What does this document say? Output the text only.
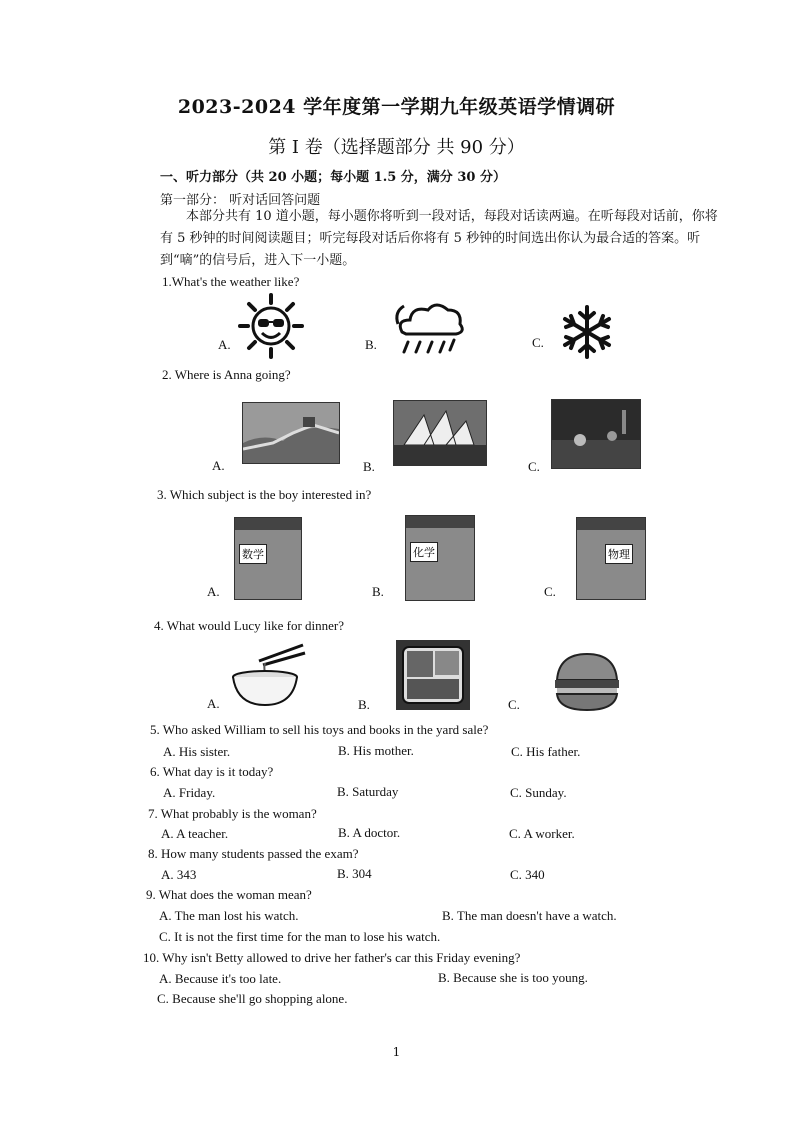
2023-2024 学年度第一学期九年级英语学情调研
第 I 卷（选择题部分 共 90 分）
一、听力部分（共 20 小题；每小题 1.5 分，满分 30 分）
第一部分： 听对话回答问题
本部分共有 10 道小题，每小题你将听到一段对话，每段对话读两遍。在听每段对话前，你将有 5 秒钟的时间阅读题目；听完每段对话后你将有 5 秒钟的时间选出你认为最合适的答案。听到“嘀”的信号后，进入下一小题。
1.What's the weather like?
A.	B.	C.
2. Where is Anna going?
A.	B.	C.
3. Which subject is the boy interested in?
数学	化学	物理
A.	B.	C.
4. What would Lucy like for dinner?
A.	B.	C.
5. Who asked William to sell his toys and books in the yard sale?
A. His sister.	B. His mother.	C. His father.
6. What day is it today?
A. Friday.	B. Saturday	C. Sunday.
7. What probably is the woman?
A. A teacher.	B. A doctor.	C. A worker.
8. How many students passed the exam?
A. 343	B. 304	C. 340
9. What does the woman mean?
A. The man lost his watch.	B. The man doesn't have a watch.
C. It is not the first time for the man to lose his watch.
10. Why isn't Betty allowed to drive her father's car this Friday evening?
A. Because it's too late.	B. Because she is too young.
C. Because she'll go shopping alone.
1
